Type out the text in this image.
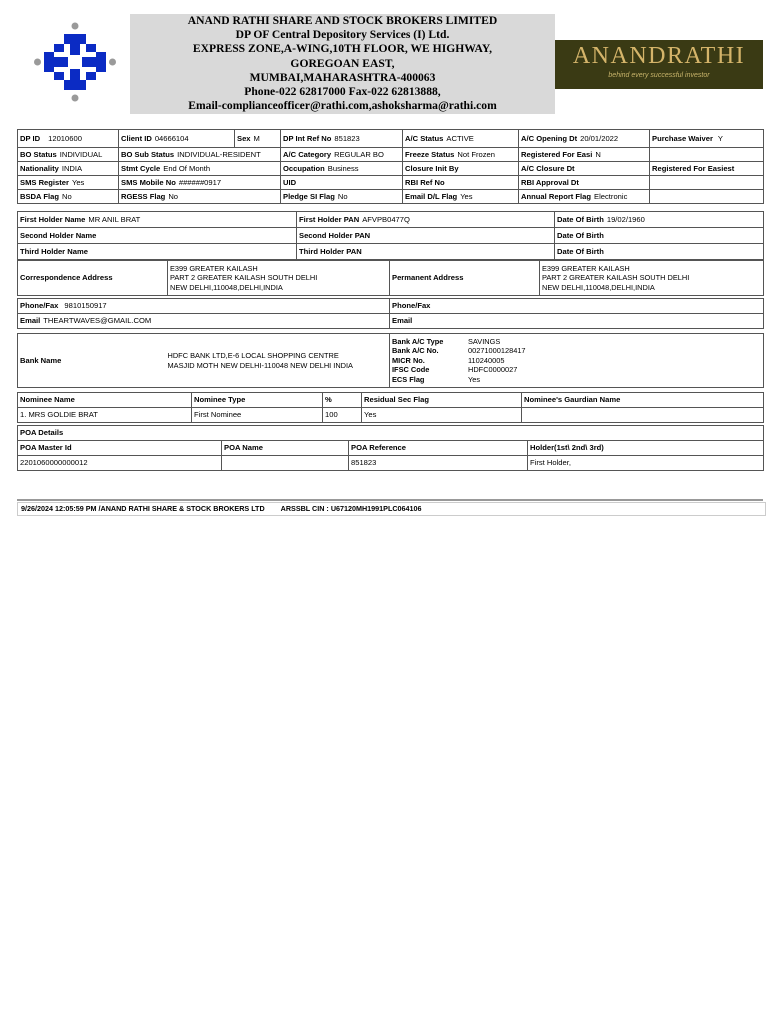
ANAND RATHI SHARE AND STOCK BROKERS LIMITED
DP OF Central Depository Services (I) Ltd.
EXPRESS ZONE,A-WING,10TH FLOOR, WE HIGHWAY,
GOREGOAN EAST,
MUMBAI,MAHARASHTRA-400063
Phone-022 62817000 Fax-022 62813888,
Email-complianceofficer@rathi.com,ashoksharma@rathi.com
ANANDRATHI
behind every successful investor
DP ID 12010600	Client ID 04666104	Sex M	DP Int Ref No 851823	A/C Status ACTIVE	A/C Opening Dt 20/01/2022	Purchase Waiver Y
BO Status INDIVIDUAL	BO Sub Status INDIVIDUAL-RESIDENT		A/C Category REGULAR BO	Freeze Status Not Frozen	Registered For Easi N	
Nationality INDIA	Stmt Cycle End Of Month		Occupation Business	Closure Init By	A/C Closure Dt	Registered For Easiest
SMS Register Yes	SMS Mobile No ######0917		UID	RBI Ref No	RBI Approval Dt	
BSDA Flag No	RGESS Flag No		Pledge SI Flag No	Email D/L Flag Yes	Annual Report Flag Electronic	
First Holder Name MR ANIL BRAT	First Holder PAN AFVPB0477Q	Date Of Birth 19/02/1960
Second Holder Name	Second Holder PAN	Date Of Birth
Third Holder Name	Third Holder PAN	Date Of Birth
Correspondence Address	
E399 GREATER KAILASH
PART 2 GREATER KAILASH SOUTH DELHI
NEW DELHI,110048,DELHI,INDIA
	Permanent Address	
E399 GREATER KAILASH
PART 2 GREATER KAILASH SOUTH DELHI
NEW DELHI,110048,DELHI,INDIA
Phone/Fax 9810150917	Phone/Fax
Email THEARTWAVES@GMAIL.COM	Email
Bank Name	
HDFC BANK LTD,E-6 LOCAL SHOPPING CENTRE
MASJID MOTH NEW DELHI-110048 NEW DELHI INDIA

Bank A/C Type	SAVINGS
Bank A/C No.	00271000128417
MICR No.	110240005
IFSC Code	HDFC0000027
ECS Flag	Yes
Nominee Name	Nominee Type	%	Residual Sec Flag	Nominee's Gaurdian Name
1. MRS GOLDIE BRAT	First Nominee	100	Yes	
POA Details			
POA Master Id	POA Name	POA Reference	Holder(1st\ 2nd\ 3rd)
2201060000000012		851823	First Holder,
9/26/2024 12:05:59 PM /ANAND RATHI SHARE & STOCK BROKERS LTD ARSSBL CIN : U67120MH1991PLC064106
